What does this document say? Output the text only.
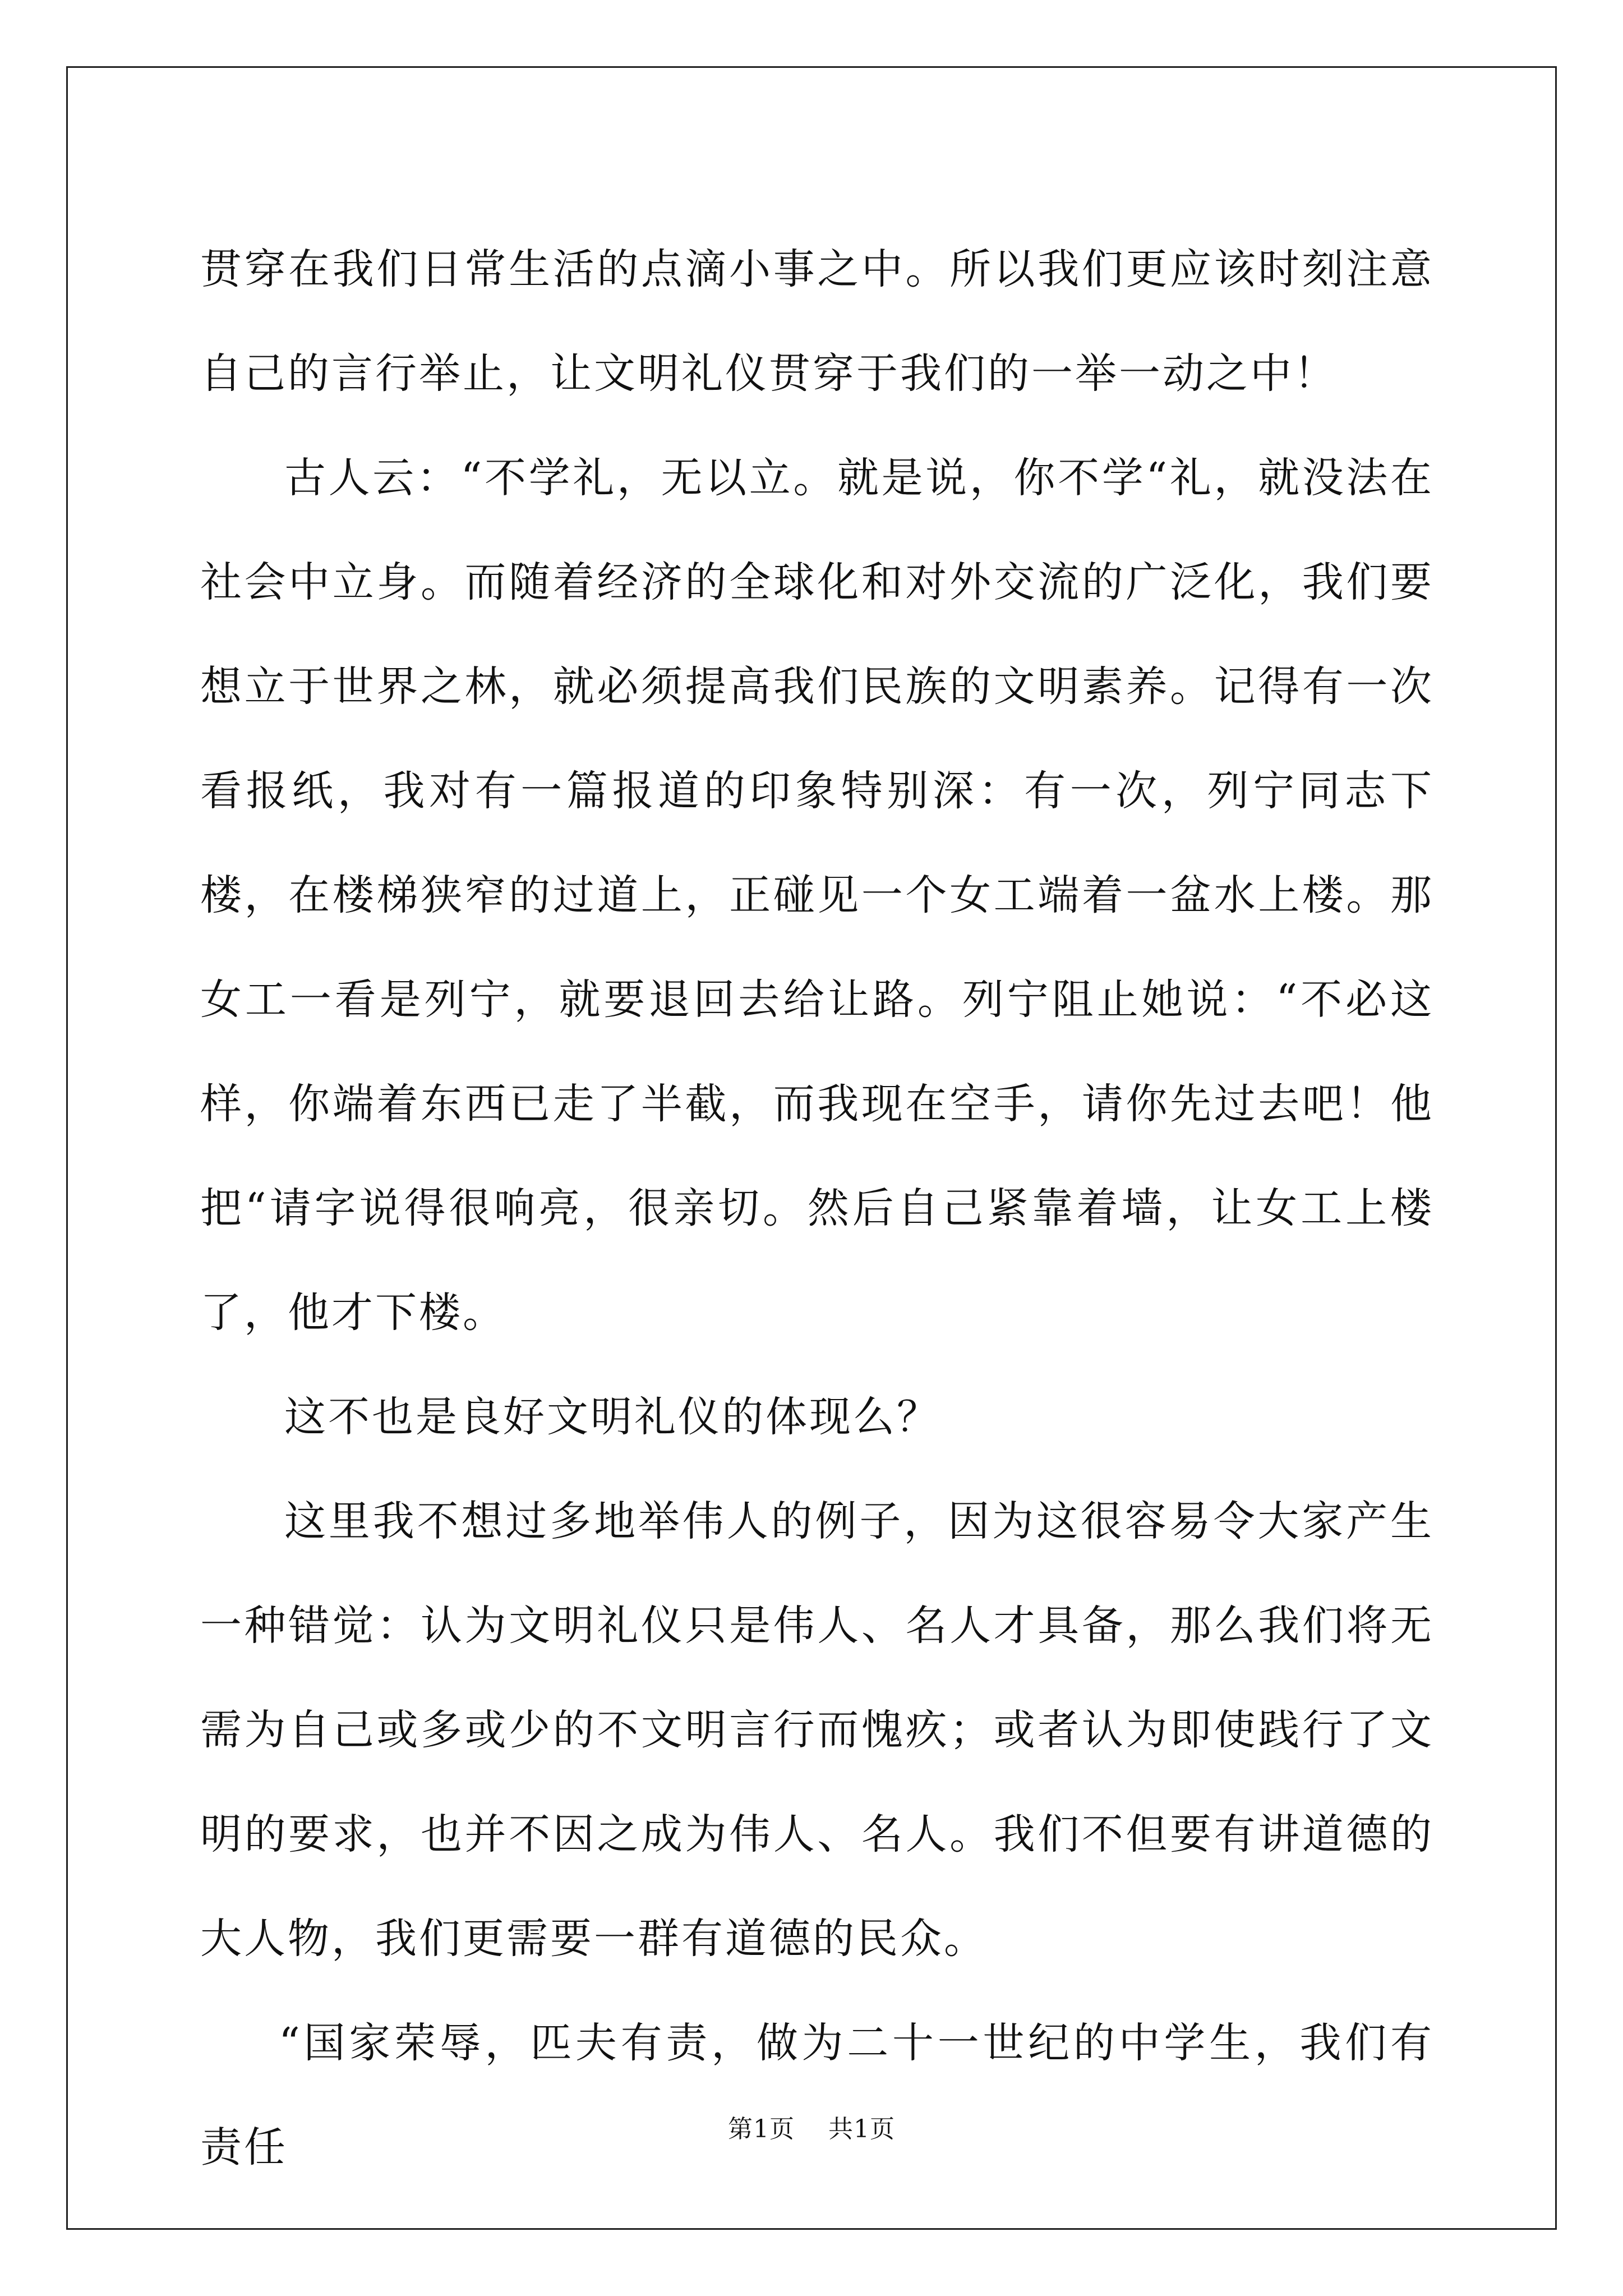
贯穿在我们日常生活的点滴小事之中。所以我们更应该时刻注意自己的言行举止，让文明礼仪贯穿于我们的一举一动之中！

古人云：“不学礼，无以立。就是说，你不学“礼，就没法在社会中立身。而随着经济的全球化和对外交流的广泛化，我们要想立于世界之林，就必须提高我们民族的文明素养。记得有一次看报纸，我对有一篇报道的印象特别深：有一次，列宁同志下楼，在楼梯狭窄的过道上，正碰见一个女工端着一盆水上楼。那女工一看是列宁，就要退回去给让路。列宁阻止她说：“不必这样，你端着东西已走了半截，而我现在空手，请你先过去吧！他把“请字说得很响亮，很亲切。然后自己紧靠着墙，让女工上楼了，他才下楼。

这不也是良好文明礼仪的体现么？

这里我不想过多地举伟人的例子，因为这很容易令大家产生一种错觉：认为文明礼仪只是伟人、名人才具备，那么我们将无需为自己或多或少的不文明言行而愧疚；或者认为即使践行了文明的要求，也并不因之成为伟人、名人。我们不但要有讲道德的大人物，我们更需要一群有道德的民众。

“国家荣辱，匹夫有责，做为二十一世纪的中学生，我们有责任	第1页 共1页
